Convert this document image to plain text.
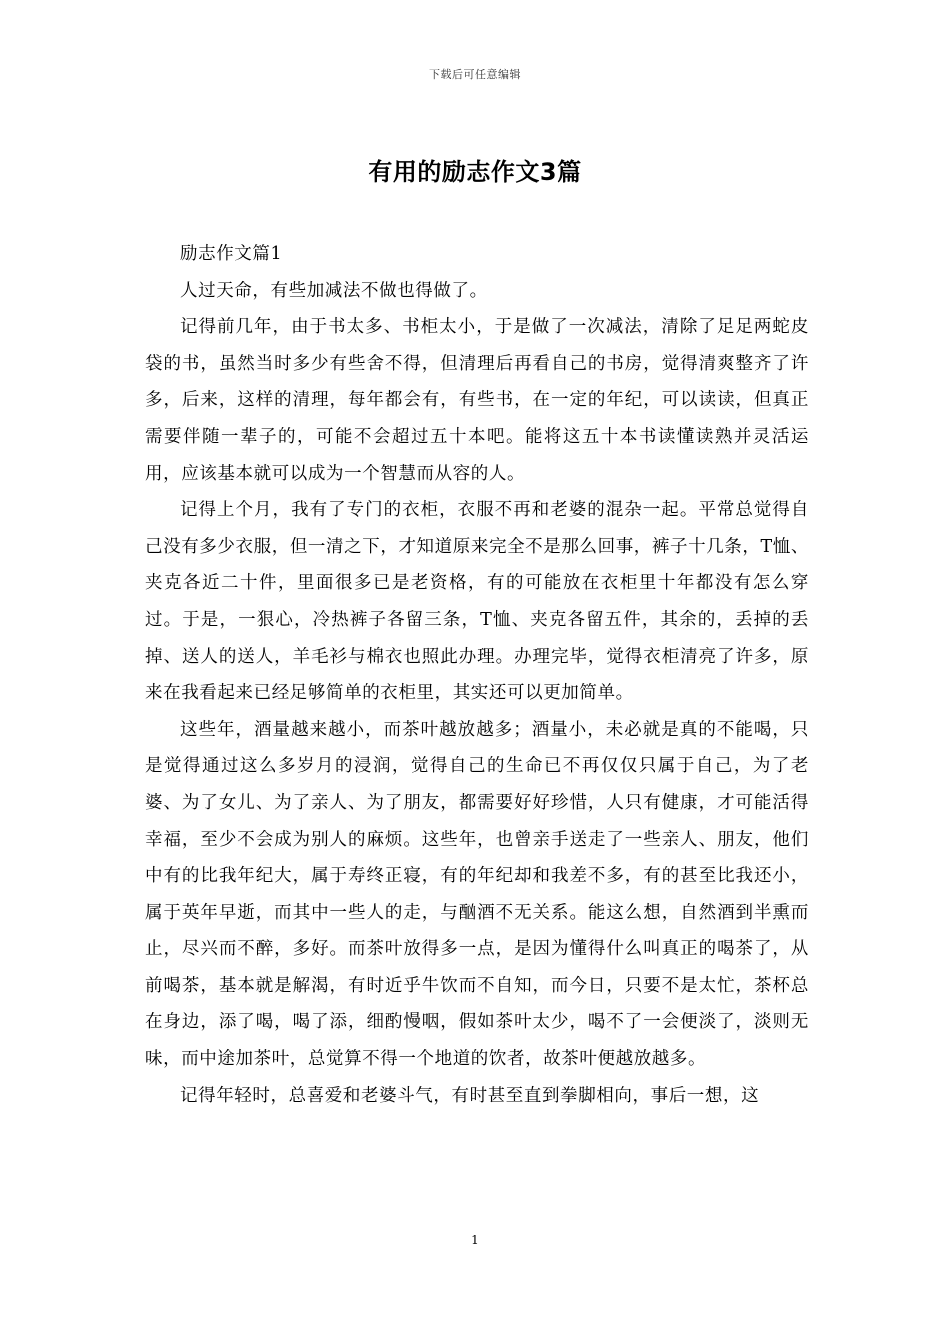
下载后可任意编辑
有用的励志作文3篇

励志作文篇1

人过天命，有些加减法不做也得做了。

记得前几年，由于书太多、书柜太小，于是做了一次减法，清除了足足两蛇皮袋的书，虽然当时多少有些舍不得，但清理后再看自己的书房，觉得清爽整齐了许多，后来，这样的清理，每年都会有，有些书，在一定的年纪，可以读读，但真正需要伴随一辈子的，可能不会超过五十本吧。能将这五十本书读懂读熟并灵活运用，应该基本就可以成为一个智慧而从容的人。

记得上个月，我有了专门的衣柜，衣服不再和老婆的混杂一起。平常总觉得自己没有多少衣服，但一清之下，才知道原来完全不是那么回事，裤子十几条，T恤、夹克各近二十件，里面很多已是老资格，有的可能放在衣柜里十年都没有怎么穿过。于是，一狠心，冷热裤子各留三条，T恤、夹克各留五件，其余的，丢掉的丢掉、送人的送人，羊毛衫与棉衣也照此办理。办理完毕，觉得衣柜清亮了许多，原来在我看起来已经足够简单的衣柜里，其实还可以更加简单。

这些年，酒量越来越小，而茶叶越放越多；酒量小，未必就是真的不能喝，只是觉得通过这么多岁月的浸润，觉得自己的生命已不再仅仅只属于自己，为了老婆、为了女儿、为了亲人、为了朋友，都需要好好珍惜，人只有健康，才可能活得幸福，至少不会成为别人的麻烦。这些年，也曾亲手送走了一些亲人、朋友，他们中有的比我年纪大，属于寿终正寝，有的年纪却和我差不多，有的甚至比我还小，属于英年早逝，而其中一些人的走，与酗酒不无关系。能这么想，自然酒到半熏而止，尽兴而不醉，多好。而茶叶放得多一点，是因为懂得什么叫真正的喝茶了，从前喝茶，基本就是解渴，有时近乎牛饮而不自知，而今日，只要不是太忙，茶杯总在身边，添了喝，喝了添，细酌慢咽，假如茶叶太少，喝不了一会便淡了，淡则无味，而中途加茶叶，总觉算不得一个地道的饮者，故茶叶便越放越多。

记得年轻时，总喜爱和老婆斗气，有时甚至直到拳脚相向，事后一想，这

1
